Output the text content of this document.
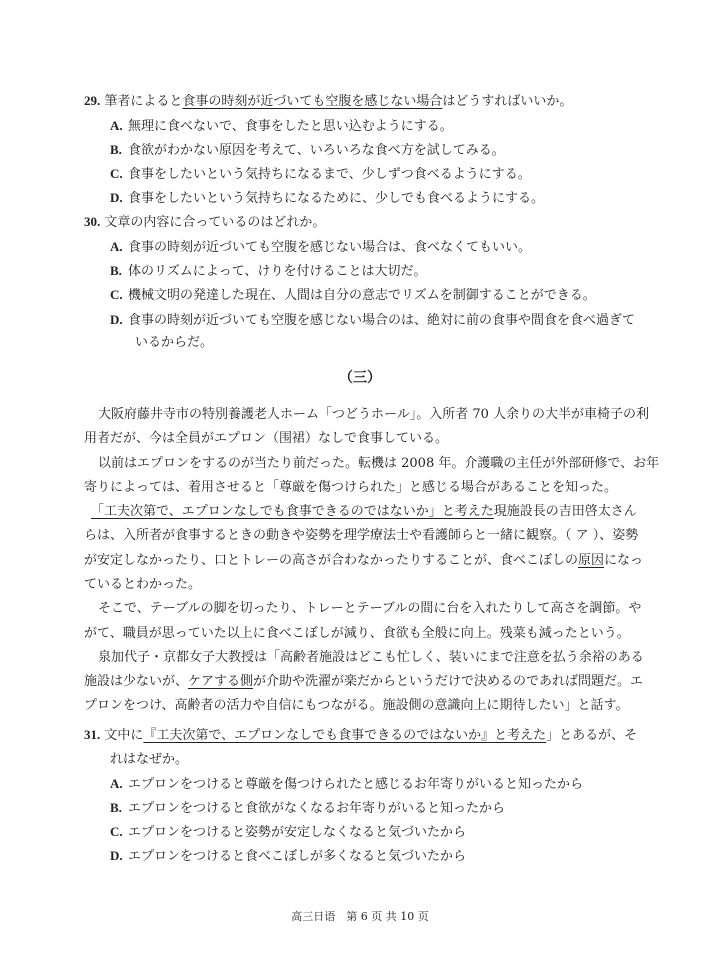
29. 筆者によると食事の時刻が近づいても空腹を感じない場合はどうすればいいか。
A. 無理に食べないで、食事をしたと思い込むようにする。
B. 食欲がわかない原因を考えて、いろいろな食べ方を試してみる。
C. 食事をしたいという気持ちになるまで、少しずつ食べるようにする。
D. 食事をしたいという気持ちになるために、少しでも食べるようにする。
30. 文章の内容に合っているのはどれか。
A. 食事の時刻が近づいても空腹を感じない場合は、食べなくてもいい。
B. 体のリズムによって、けりを付けることは大切だ。
C. 機械文明の発達した現在、人間は自分の意志でリズムを制御することができる。
D. 食事の時刻が近づいても空腹を感じない場合のは、絶対に前の食事や間食を食べ過ぎて
いるからだ。
（三）
大阪府藤井寺市の特別養護老人ホーム「つどうホール」。入所者 70 人余りの大半が車椅子の利
用者だが、今は全員がエプロン（围裙）なしで食事している。
以前はエプロンをするのが当たり前だった。転機は 2008 年。介護職の主任が外部研修で、お年
寄りによっては、着用させると「尊厳を傷つけられた」と感じる場合があることを知った。
「工夫次第で、エプロンなしでも食事できるのではないか」と考えた現施設長の吉田啓太さん
らは、入所者が食事するときの動きや姿勢を理学療法士や看護師らと一緒に観察。（ ア ）、姿勢
が安定しなかったり、口とトレーの高さが合わなかったりすることが、食べこぼしの原因になっ
ているとわかった。
そこで、テーブルの脚を切ったり、トレーとテーブルの間に台を入れたりして高さを調節。や
がて、職員が思っていた以上に食べこぼしが減り、食欲も全般に向上。残菜も減ったという。
泉加代子・京都女子大教授は「高齢者施設はどこも忙しく、装いにまで注意を払う余裕のある
施設は少ないが、ケアする側が介助や洗濯が楽だからというだけで決めるのであれば問題だ。エ
プロンをつけ、高齢者の活力や自信にもつながる。施設側の意識向上に期待したい」と話す。
31. 文中に『工夫次第で、エプロンなしでも食事できるのではないか』と考えた」とあるが、そ
れはなぜか。
A. エプロンをつけると尊厳を傷つけられたと感じるお年寄りがいると知ったから
B. エプロンをつけると食欲がなくなるお年寄りがいると知ったから
C. エプロンをつけると姿勢が安定しなくなると気づいたから
D. エプロンをつけると食べこぼしが多くなると気づいたから
高三日语　第 6 页 共 10 页
